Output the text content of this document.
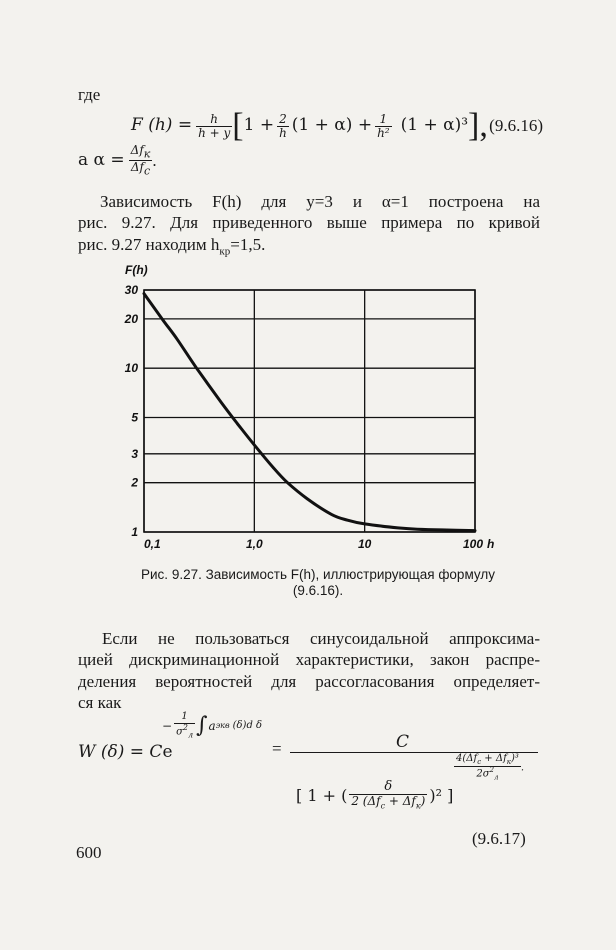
где
F $(h) = \frac{h}{h + y}$ [ $1 + \frac{2}{h} (1 + \alpha) + \frac{1}{\text{h²}} (1 + \alpha)^3$ ], (9.6.16)
а $\alpha = \frac{\Delta f_к}{\Delta f_c}$ .
Зависимость F(h) для y=3 и α=1 построена на
рис. 9.27. Для приведенного выше примера по кривой
рис. 9.27 находим $h_{кр}=1,5$.
0,1	1,0	10	100 h
1
2
3
5
10
20
30
F(h)
Рис. 9.27. Зависимость F(h), иллюстрирующая формулу
(9.6.16).
Если не пользоваться синусоидальной аппроксима-
цией дискриминационной характеристики, закон распре-
деления вероятностей для рассогласования определяет-
ся как
W (δ) = Ce
− $\frac{1}{\sigma^2_л}$ ∫ a экв (δ)d δ
=	C
$\frac{4(\Delta f_c + \Delta f_к)^3}{2\sigma^2_л}$ .
[ 1 + ( $\frac{\delta}{2 (\Delta f_c + \Delta f_к)} )^2$ ]
(9.6.17)
600
